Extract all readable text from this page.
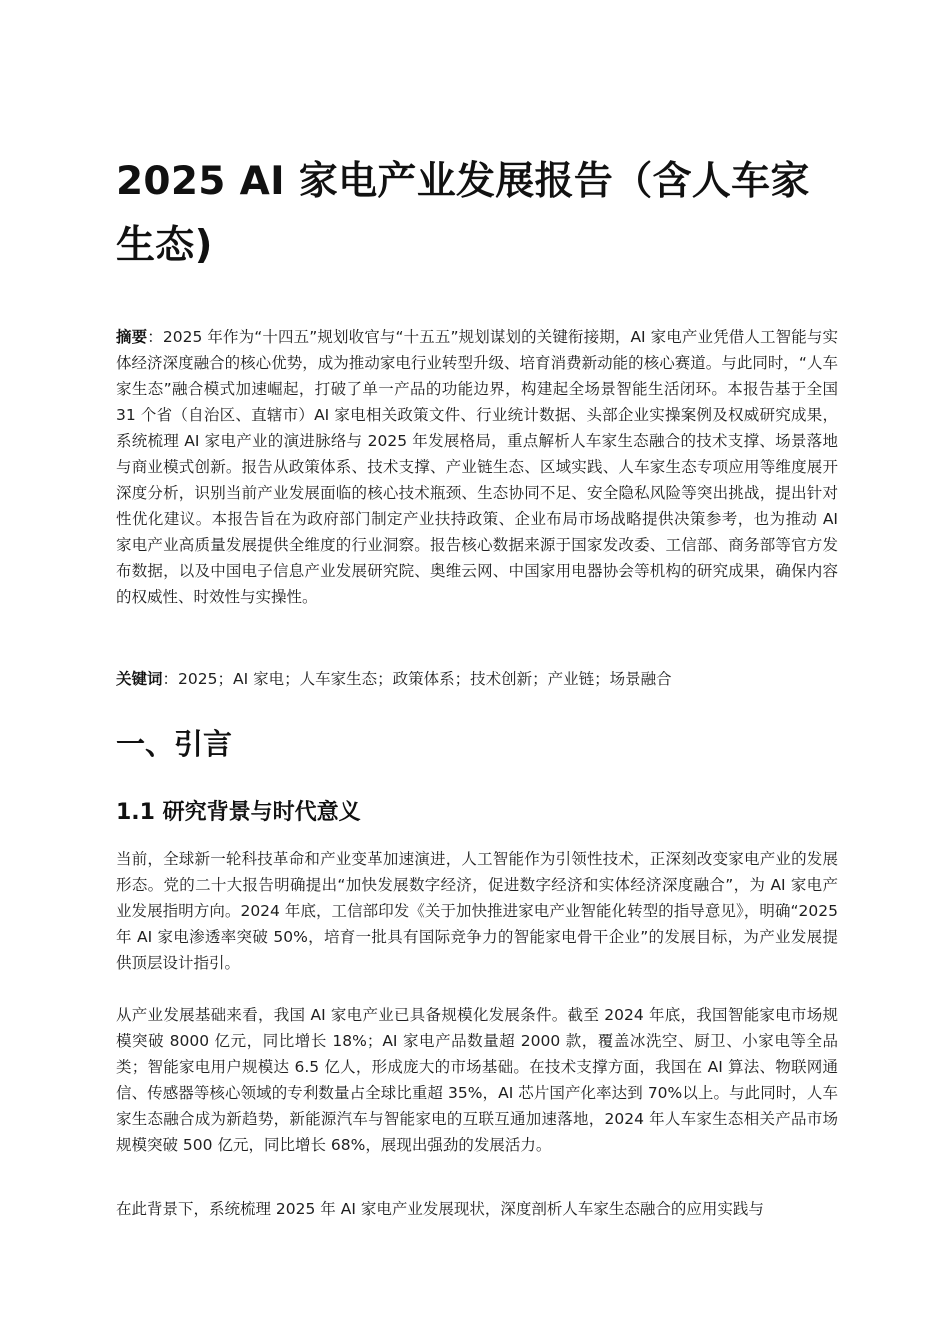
2025 AI 家电产业发展报告（含人车家生态)

摘要：2025 年作为“十四五”规划收官与“十五五”规划谋划的关键衔接期，AI 家电产业凭借人工智能与实体经济深度融合的核心优势，成为推动家电行业转型升级、培育消费新动能的核心赛道。与此同时，“人车家生态”融合模式加速崛起，打破了单一产品的功能边界，构建起全场景智能生活闭环。本报告基于全国 31 个省（自治区、直辖市）AI 家电相关政策文件、行业统计数据、头部企业实操案例及权威研究成果，系统梳理 AI 家电产业的演进脉络与 2025 年发展格局，重点解析人车家生态融合的技术支撑、场景落地与商业模式创新。报告从政策体系、技术支撑、产业链生态、区域实践、人车家生态专项应用等维度展开深度分析，识别当前产业发展面临的核心技术瓶颈、生态协同不足、安全隐私风险等突出挑战，提出针对性优化建议。本报告旨在为政府部门制定产业扶持政策、企业布局市场战略提供决策参考，也为推动 AI 家电产业高质量发展提供全维度的行业洞察。报告核心数据来源于国家发改委、工信部、商务部等官方发布数据，以及中国电子信息产业发展研究院、奥维云网、中国家用电器协会等机构的研究成果，确保内容的权威性、时效性与实操性。

关键词：2025；AI 家电；人车家生态；政策体系；技术创新；产业链；场景融合

一、引言
1.1 研究背景与时代意义

当前，全球新一轮科技革命和产业变革加速演进，人工智能作为引领性技术，正深刻改变家电产业的发展形态。党的二十大报告明确提出“加快发展数字经济，促进数字经济和实体经济深度融合”，为 AI 家电产业发展指明方向。2024 年底，工信部印发《关于加快推进家电产业智能化转型的指导意见》，明确“2025 年 AI 家电渗透率突破 50%，培育一批具有国际竞争力的智能家电骨干企业”的发展目标，为产业发展提供顶层设计指引。

从产业发展基础来看，我国 AI 家电产业已具备规模化发展条件。截至 2024 年底，我国智能家电市场规模突破 8000 亿元，同比增长 18%；AI 家电产品数量超 2000 款，覆盖冰洗空、厨卫、小家电等全品类；智能家电用户规模达 6.5 亿人，形成庞大的市场基础。在技术支撑方面，我国在 AI 算法、物联网通信、传感器等核心领域的专利数量占全球比重超 35%，AI 芯片国产化率达到 70%以上。与此同时，人车家生态融合成为新趋势，新能源汽车与智能家电的互联互通加速落地，2024 年人车家生态相关产品市场规模突破 500 亿元，同比增长 68%，展现出强劲的发展活力。

在此背景下，系统梳理 2025 年 AI 家电产业发展现状，深度剖析人车家生态融合的应用实践与
